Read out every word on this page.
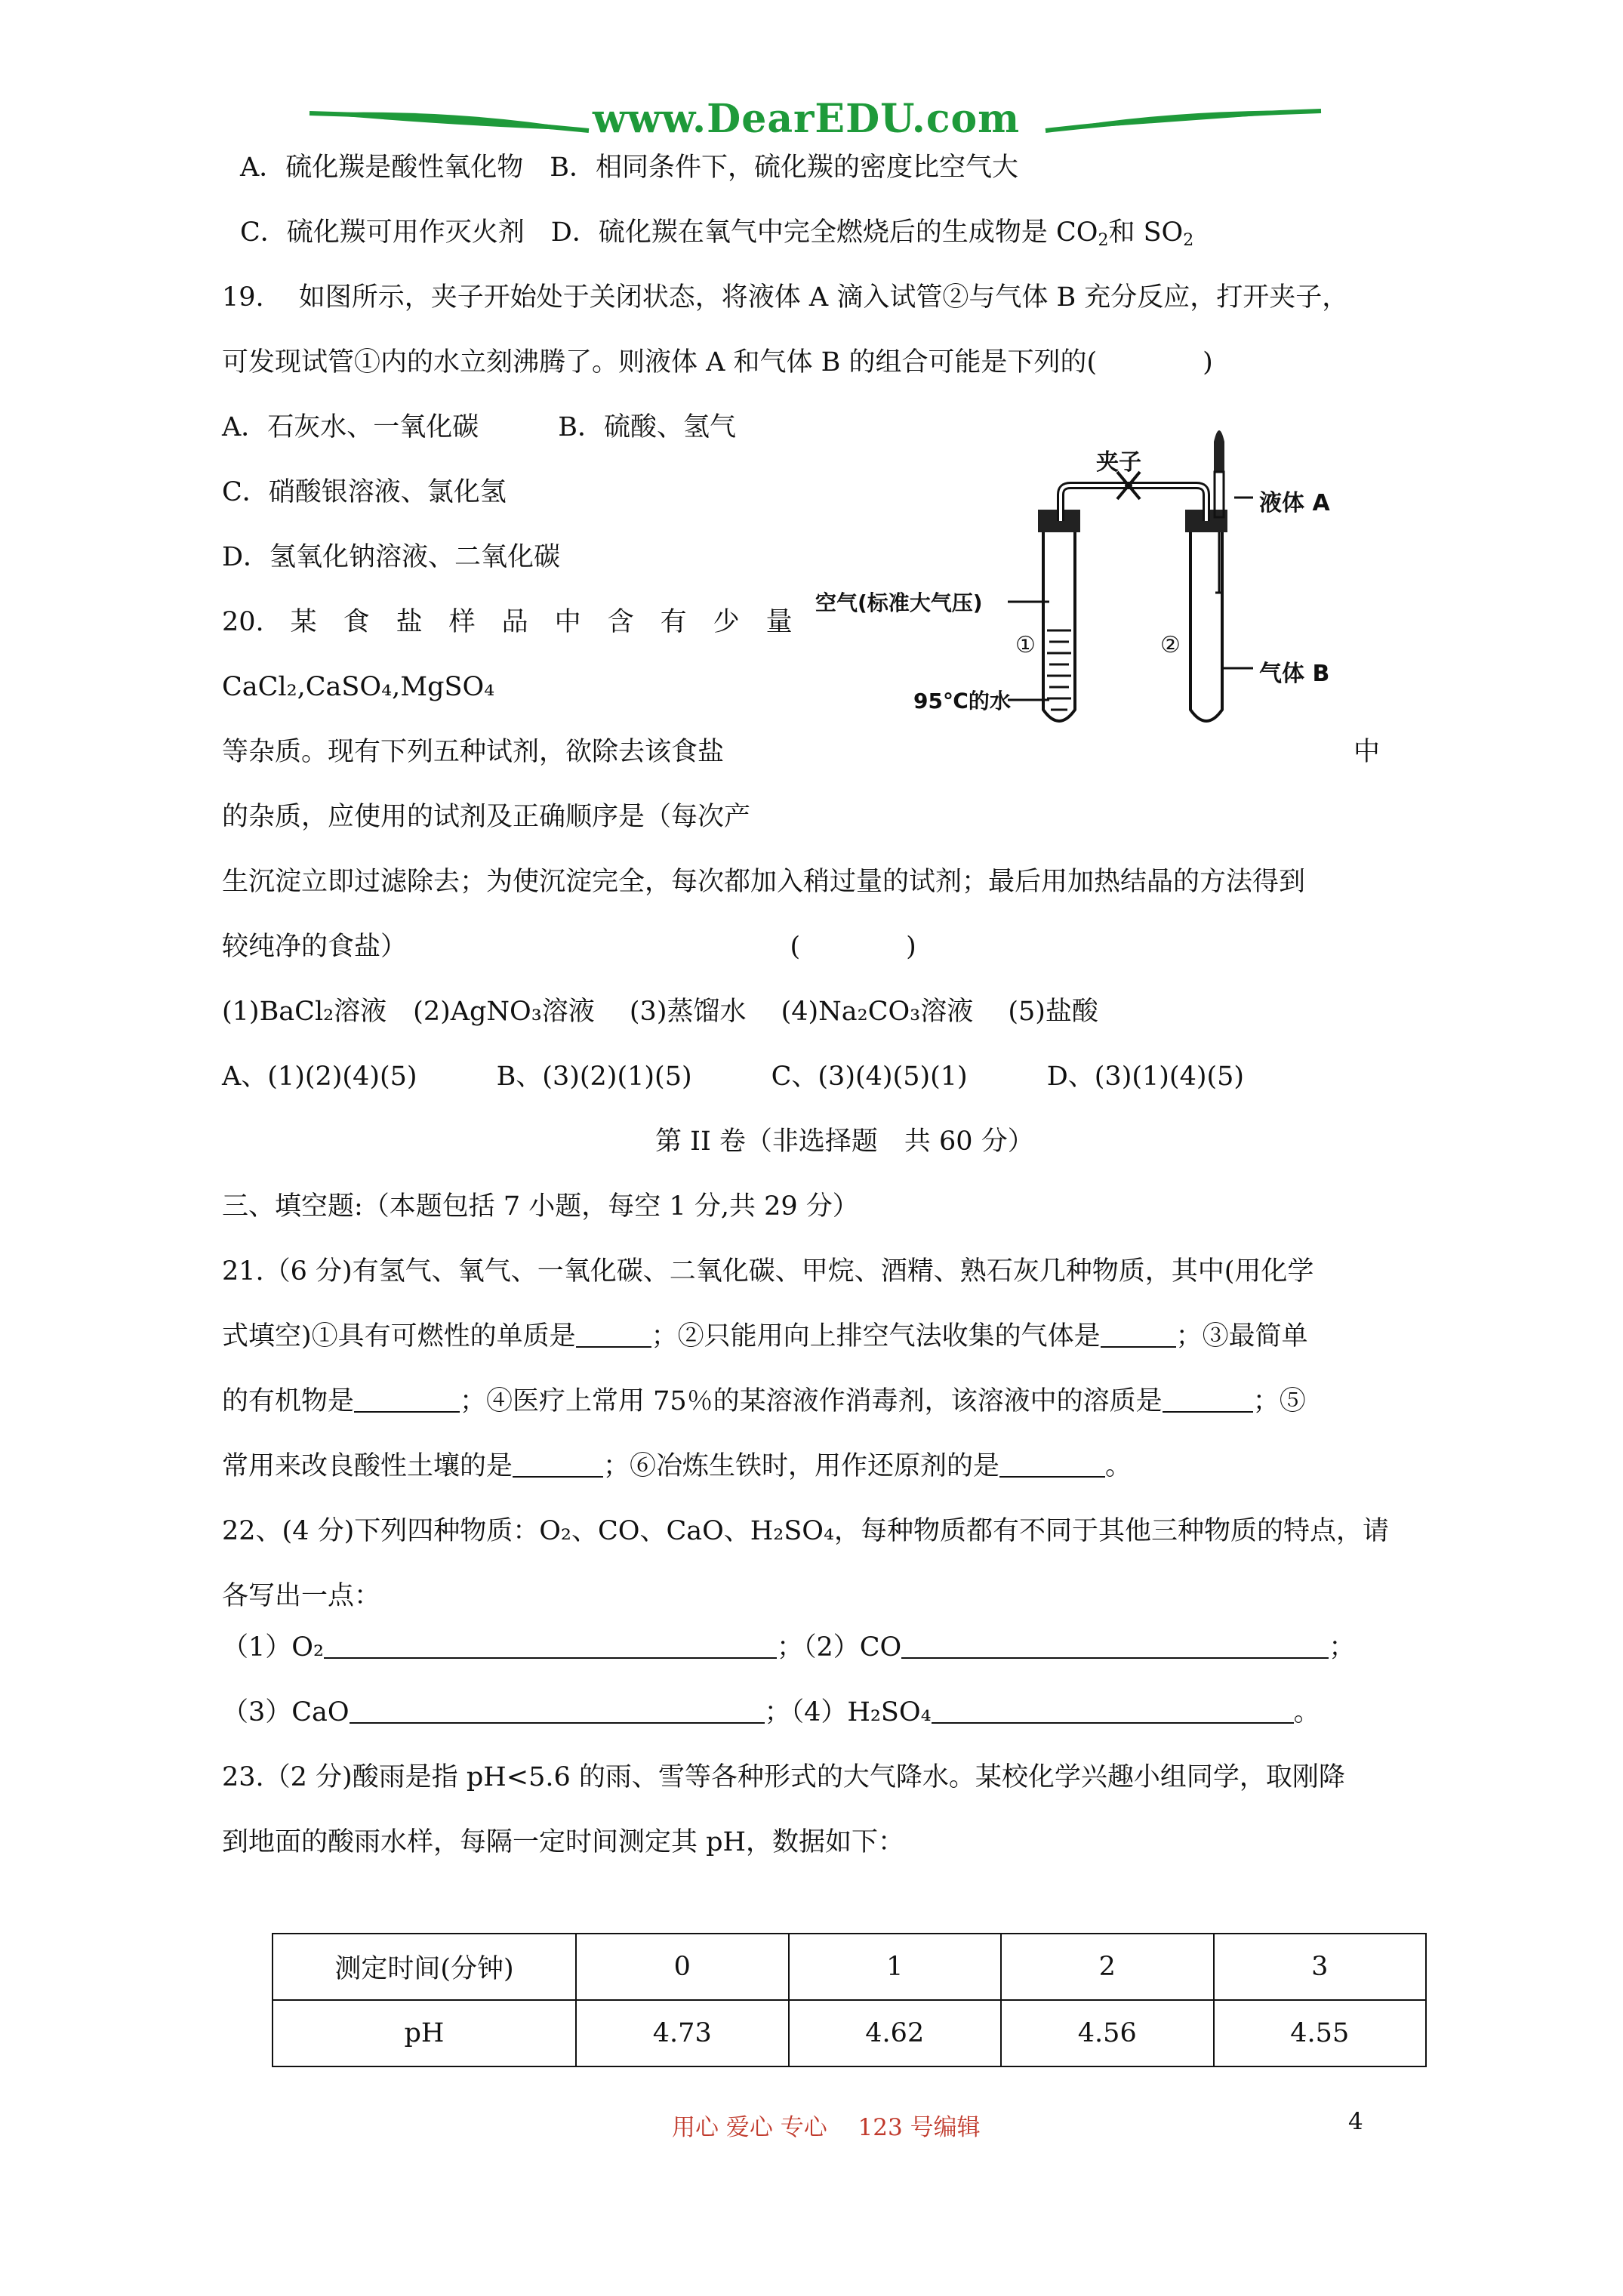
www.DearEDU.com
A．硫化羰是酸性氧化物　B．相同条件下，硫化羰的密度比空气大
C．硫化羰可用作灭火剂　D．硫化羰在氧气中完全燃烧后的生成物是 $CO_2$和 $SO_2$
19.　 如图所示，夹子开始处于关闭状态，将液体 A 滴入试管②与气体 B 充分反应，打开夹子，
可发现试管①内的水立刻沸腾了。则液体 A 和气体 B 的组合可能是下列的(　　　　)
A．石灰水、一氧化碳　　　B．硫酸、氢气
C．硝酸银溶液、氯化氢
D．氢氧化钠溶液、二氧化碳
夹子
液体 A
空气(标准大气压)
①	②
气体 B
95℃的水
20.　某　食　盐　样　品　中　含　有　少　量
CaCl₂,CaSO₄,MgSO₄
等杂质。现有下列五种试剂，欲除去该食盐	中
的杂质，应使用的试剂及正确顺序是（每次产
生沉淀立即过滤除去；为使沉淀完全，每次都加入稍过量的试剂；最后用加热结晶的方法得到
较纯净的食盐）　　　　　　　　　　　　　　　(　　　　)
(1)BaCl₂溶液　(2)AgNO₃溶液　 (3)蒸馏水　 (4)Na₂CO₃溶液　 (5)盐酸
A、(1)(2)(4)(5)　　　B、(3)(2)(1)(5)　　　C、(3)(4)(5)(1)　　　D、(3)(1)(4)(5)
第 II 卷（非选择题　共 60 分）
三、填空题:（本题包括 7 小题，每空 1 分,共 29 分）
21.（6 分)有氢气、氧气、一氧化碳、二氧化碳、甲烷、酒精、熟石灰几种物质，其中(用化学
式填空)①具有可燃性的单质是	；②只能用向上排空气法收集的气体是	；③最简单
的有机物是	；④医疗上常用 75％的某溶液作消毒剂，该溶液中的溶质是	；⑤
常用来改良酸性土壤的是	；⑥冶炼生铁时，用作还原剂的是	。
22、(4 分)下列四种物质：O₂、CO、CaO、H₂SO₄，每种物质都有不同于其他三种物质的特点，请
各写出一点：
（1）O₂	；（2）CO	；
（3）CaO	；（4）H₂SO₄	。
23.（2 分)酸雨是指 pH<5.6 的雨、雪等各种形式的大气降水。某校化学兴趣小组同学，取刚降
到地面的酸雨水样，每隔一定时间测定其 pH，数据如下：
测定时间(分钟)	0	1	2	3
pH	4.73	4.62	4.56	4.55
用心 爱心 专心　 123 号编辑	4
